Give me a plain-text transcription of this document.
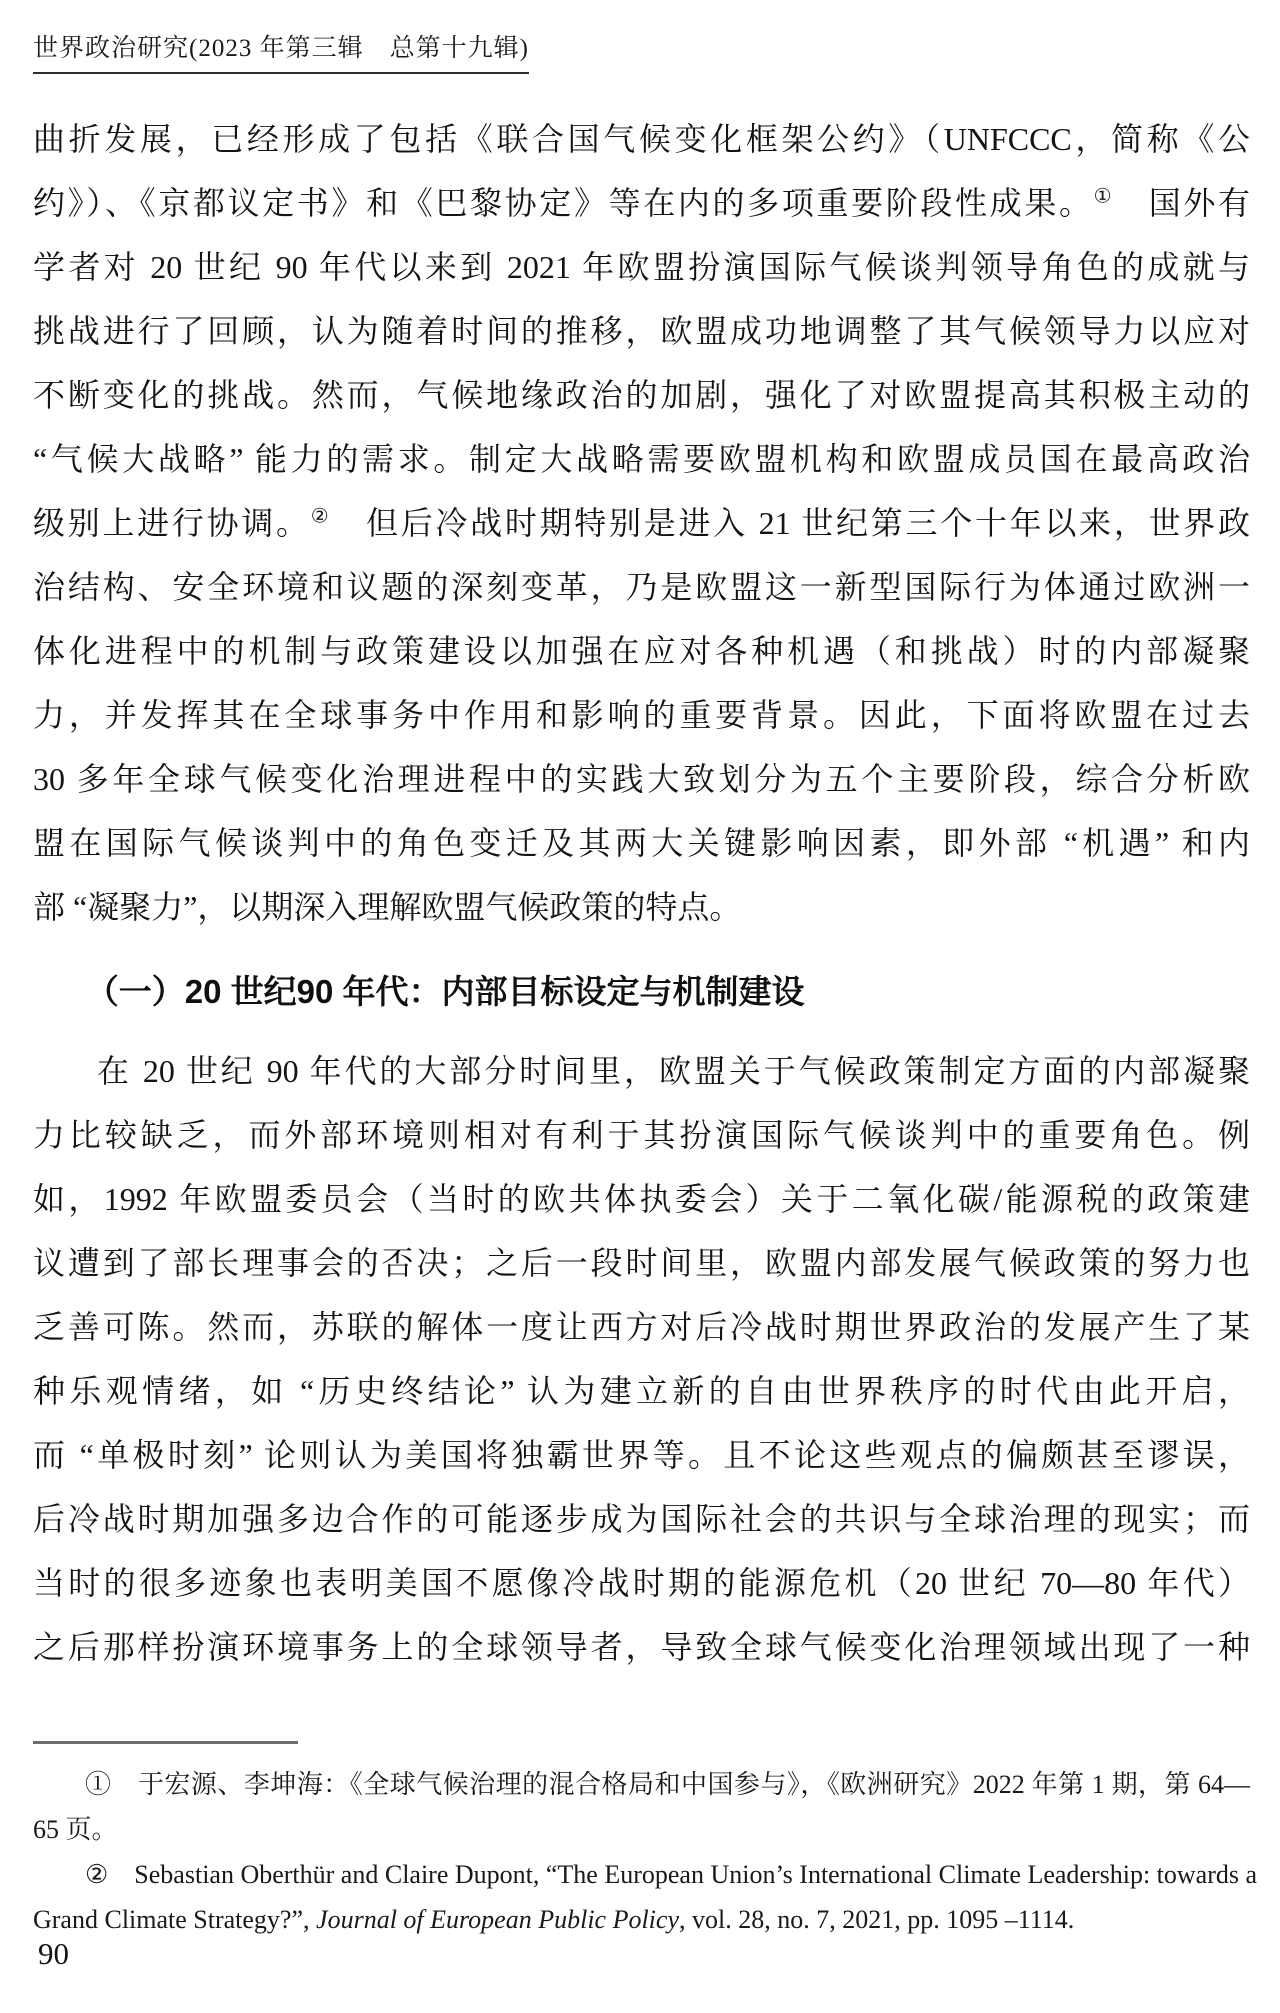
世界政治研究(2023 年第三辑　总第十九辑)
曲折发展，已经形成了包括《联合国气候变化框架公约》（UNFCCC，简称《公
约》）、《京都议定书》和《巴黎协定》等在内的多项重要阶段性成果。①　国外有
学者对 20 世纪 90 年代以来到 2021 年欧盟扮演国际气候谈判领导角色的成就与
挑战进行了回顾，认为随着时间的推移，欧盟成功地调整了其气候领导力以应对
不断变化的挑战。然而，气候地缘政治的加剧，强化了对欧盟提高其积极主动的
“气候大战略” 能力的需求。制定大战略需要欧盟机构和欧盟成员国在最高政治
级别上进行协调。②　但后冷战时期特别是进入 21 世纪第三个十年以来，世界政
治结构、安全环境和议题的深刻变革，乃是欧盟这一新型国际行为体通过欧洲一
体化进程中的机制与政策建设以加强在应对各种机遇（和挑战）时的内部凝聚
力，并发挥其在全球事务中作用和影响的重要背景。因此，下面将欧盟在过去
30 多年全球气候变化治理进程中的实践大致划分为五个主要阶段，综合分析欧
盟在国际气候谈判中的角色变迁及其两大关键影响因素，即外部 “机遇” 和内
部 “凝聚力”，以期深入理解欧盟气候政策的特点。
（一）20 世纪90 年代：内部目标设定与机制建设
在 20 世纪 90 年代的大部分时间里，欧盟关于气候政策制定方面的内部凝聚
力比较缺乏，而外部环境则相对有利于其扮演国际气候谈判中的重要角色。例
如，1992 年欧盟委员会（当时的欧共体执委会）关于二氧化碳/能源税的政策建
议遭到了部长理事会的否决；之后一段时间里，欧盟内部发展气候政策的努力也
乏善可陈。然而，苏联的解体一度让西方对后冷战时期世界政治的发展产生了某
种乐观情绪，如 “历史终结论” 认为建立新的自由世界秩序的时代由此开启，
而 “单极时刻” 论则认为美国将独霸世界等。且不论这些观点的偏颇甚至谬误，
后冷战时期加强多边合作的可能逐步成为国际社会的共识与全球治理的现实；而
当时的很多迹象也表明美国不愿像冷战时期的能源危机（20 世纪 70—80 年代）
之后那样扮演环境事务上的全球领导者，导致全球气候变化治理领域出现了一种
①　于宏源、李坤海：《全球气候治理的混合格局和中国参与》，《欧洲研究》2022 年第 1 期，第 64—
65 页。
②　Sebastian Oberthür and Claire Dupont, “The European Union’s International Climate Leadership: towards a
Grand Climate Strategy?”, Journal of European Public Policy, vol. 28, no. 7, 2021, pp. 1095 –1114.
90
